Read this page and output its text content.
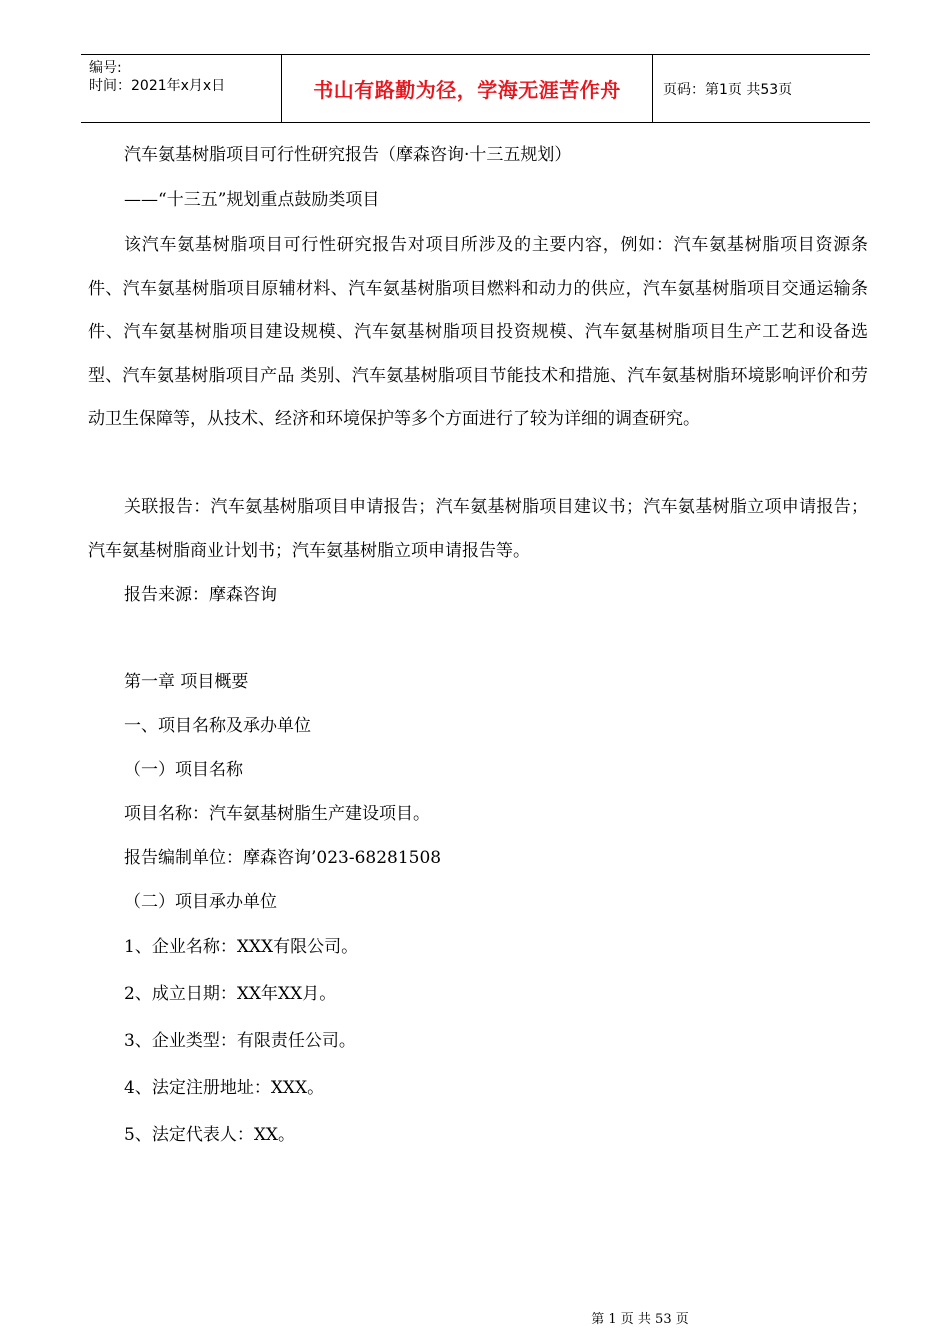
编号:
时间：2021年x月x日	书山有路勤为径，学海无涯苦作舟	页码：第1页 共53页

汽车氨基树脂项目可行性研究报告（摩森咨询·十三五规划）

——“十三五”规划重点鼓励类项目

该汽车氨基树脂项目可行性研究报告对项目所涉及的主要内容，例如：汽车氨基树脂项目资源条件、汽车氨基树脂项目原辅材料、汽车氨基树脂项目燃料和动力的供应，汽车氨基树脂项目交通运输条件、汽车氨基树脂项目建设规模、汽车氨基树脂项目投资规模、汽车氨基树脂项目生产工艺和设备选型、汽车氨基树脂项目产品 类别、汽车氨基树脂项目节能技术和措施、汽车氨基树脂环境影响评价和劳动卫生保障等，从技术、经济和环境保护等多个方面进行了较为详细的调查研究。

关联报告：汽车氨基树脂项目申请报告；汽车氨基树脂项目建议书；汽车氨基树脂立项申请报告；汽车氨基树脂商业计划书；汽车氨基树脂立项申请报告等。

报告来源：摩森咨询

第一章 项目概要

一、项目名称及承办单位

（一）项目名称

项目名称：汽车氨基树脂生产建设项目。

报告编制单位：摩森咨询’023-68281508

（二）项目承办单位

1、企业名称：XXX有限公司。

2、成立日期：XX年XX月。

3、企业类型：有限责任公司。

4、法定注册地址：XXX。

5、法定代表人：XX。

第 1 页 共 53 页
